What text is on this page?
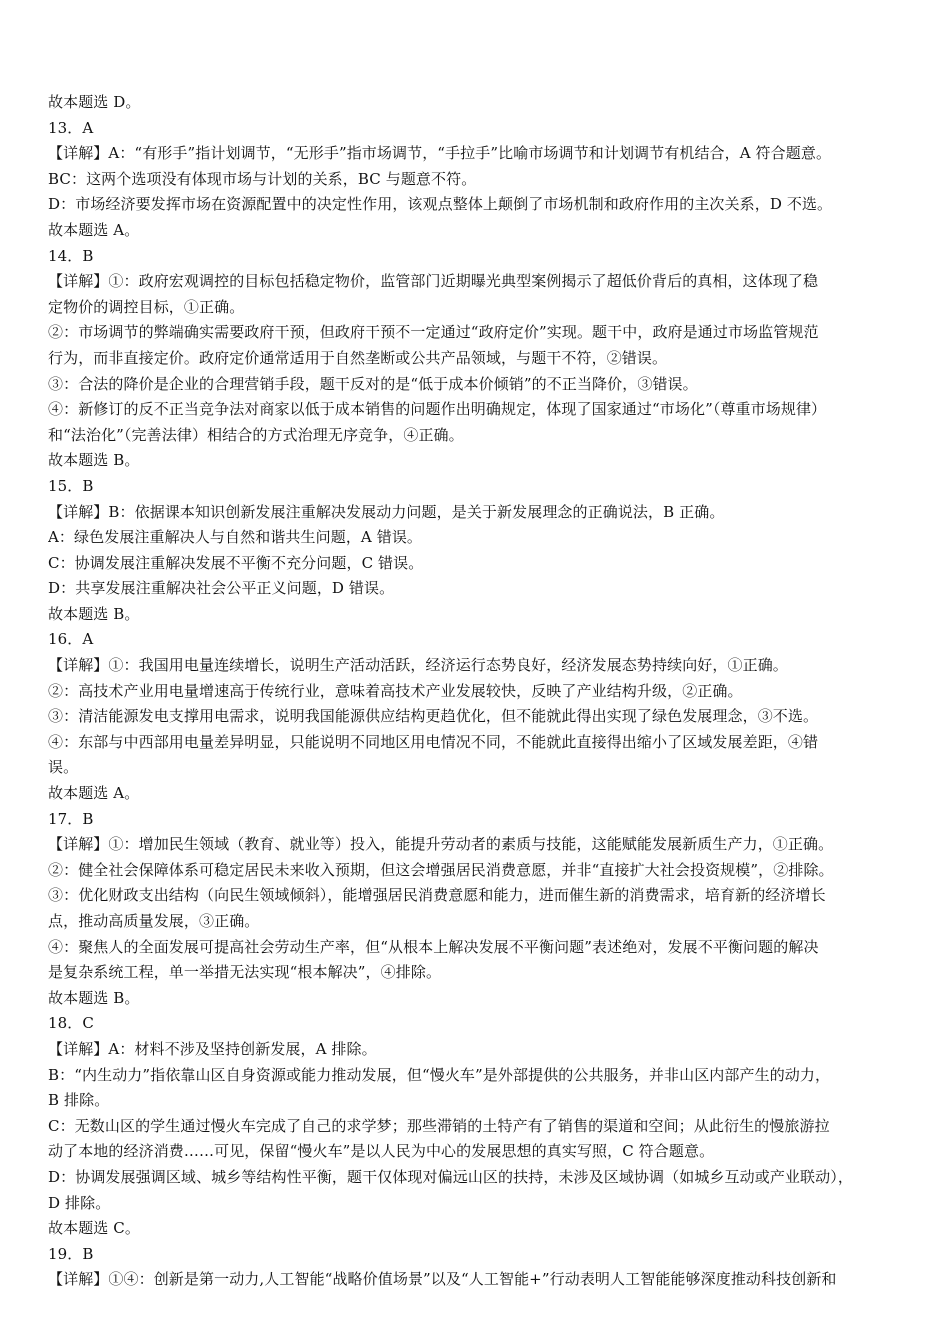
故本题选 D。
13．A
【详解】A：“有形手”指计划调节，“无形手”指市场调节，“手拉手”比喻市场调节和计划调节有机结合，A 符合题意。
BC：这两个选项没有体现市场与计划的关系，BC 与题意不符。
D：市场经济要发挥市场在资源配置中的决定性作用，该观点整体上颠倒了市场机制和政府作用的主次关系，D 不选。
故本题选 A。
14．B
【详解】①：政府宏观调控的目标包括稳定物价，监管部门近期曝光典型案例揭示了超低价背后的真相，这体现了稳
定物价的调控目标，①正确。
②：市场调节的弊端确实需要政府干预，但政府干预不一定通过“政府定价”实现。题干中，政府是通过市场监管规范
行为，而非直接定价。政府定价通常适用于自然垄断或公共产品领域，与题干不符，②错误。
③：合法的降价是企业的合理营销手段，题干反对的是“低于成本价倾销”的不正当降价，③错误。
④：新修订的反不正当竞争法对商家以低于成本销售的问题作出明确规定，体现了国家通过“市场化”（尊重市场规律）
和“法治化”（完善法律）相结合的方式治理无序竞争，④正确。
故本题选 B。
15．B
【详解】B：依据课本知识创新发展注重解决发展动力问题，是关于新发展理念的正确说法，B 正确。
A：绿色发展注重解决人与自然和谐共生问题，A 错误。
C：协调发展注重解决发展不平衡不充分问题，C 错误。
D：共享发展注重解决社会公平正义问题，D 错误。
故本题选 B。
16．A
【详解】①：我国用电量连续增长，说明生产活动活跃，经济运行态势良好，经济发展态势持续向好，①正确。
②：高技术产业用电量增速高于传统行业，意味着高技术产业发展较快，反映了产业结构升级，②正确。
③：清洁能源发电支撑用电需求，说明我国能源供应结构更趋优化，但不能就此得出实现了绿色发展理念，③不选。
④：东部与中西部用电量差异明显，只能说明不同地区用电情况不同，不能就此直接得出缩小了区域发展差距，④错
误。
故本题选 A。
17．B
【详解】①：增加民生领域（教育、就业等）投入，能提升劳动者的素质与技能，这能赋能发展新质生产力，①正确。
②：健全社会保障体系可稳定居民未来收入预期，但这会增强居民消费意愿，并非“直接扩大社会投资规模”，②排除。
③：优化财政支出结构（向民生领域倾斜），能增强居民消费意愿和能力，进而催生新的消费需求，培育新的经济增长
点，推动高质量发展，③正确。
④：聚焦人的全面发展可提高社会劳动生产率，但“从根本上解决发展不平衡问题”表述绝对，发展不平衡问题的解决
是复杂系统工程，单一举措无法实现“根本解决”，④排除。
故本题选 B。
18．C
【详解】A：材料不涉及坚持创新发展，A 排除。
B：“内生动力”指依靠山区自身资源或能力推动发展，但“慢火车”是外部提供的公共服务，并非山区内部产生的动力，
B 排除。
C：无数山区的学生通过慢火车完成了自己的求学梦；那些滞销的土特产有了销售的渠道和空间；从此衍生的慢旅游拉
动了本地的经济消费……可见，保留“慢火车”是以人民为中心的发展思想的真实写照，C 符合题意。
D：协调发展强调区域、城乡等结构性平衡，题干仅体现对偏远山区的扶持，未涉及区域协调（如城乡互动或产业联动），
D 排除。
故本题选 C。
19．B
【详解】①④：创新是第一动力,人工智能“战略价值场景”以及“人工智能+”行动表明人工智能能够深度推动科技创新和
